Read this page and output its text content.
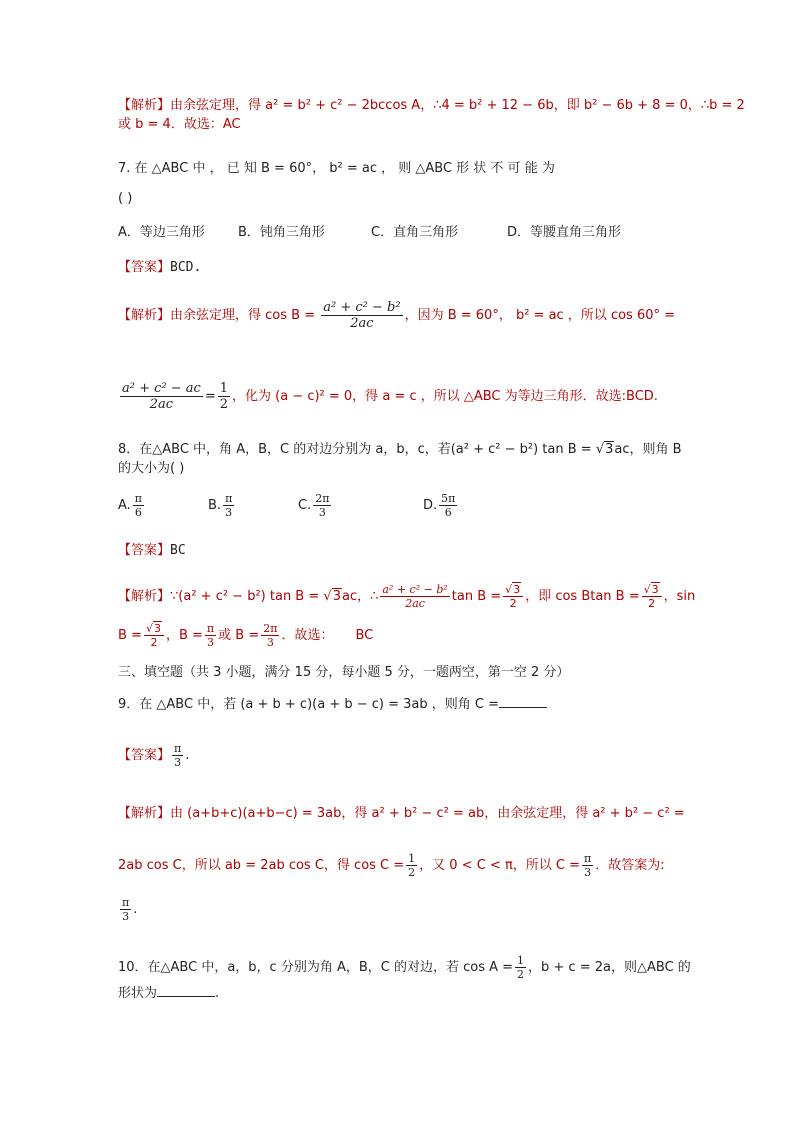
【解析】由余弦定理，得 a² = b² + c² − 2bccos A，∴4 = b² + 12 − 6b，即 b² − 6b + 8 = 0，∴b = 2
或 b = 4．故选：AC
7. 在 △ABC 中 ， 已 知 B = 60°， b² = ac ， 则 △ABC 形 状 不 可 能 为
( )
A．等边三角形	B．钝角三角形	C．直角三角形	D．等腰直角三角形
【答案】BCD.
【解析】由余弦定理，得 $\cos B = \frac{\text{a² + c² − b²}}{2ac}$ ，因为 B = 60°， b² = ac ，所以 cos 60° =
$\frac{\text{a² + c² − ac}}{2ac} = \frac{1}{2}$ ，化为 (a − c)² = 0，得 a = c ，所以 △ABC 为等边三角形．故选:BCD.
8．在△ABC 中，角 A，B，C 的对边分别为 a，b，c，若(a² + c² − b²) tan B = √3ac，则角 B
的大小为( )
A. $\frac{\pi}{6}$	B. $\frac{\pi}{3}$	C. $\frac{2\pi}{3}$	D. $\frac{5\pi}{6}$
【答案】BC
【解析】∵(a² + c² − b²) tan B = √3ac，∴ $\frac{\text{a² + c² − b²}}{2ac}$ $\tan B = \frac{√3}{2}$ ，即 cos Btan $B = \frac{√3}{2}$ ，sin
$B = \frac{√3}{2}$ ，$B = \frac{\pi}{3}$ 或 $B = \frac{2\pi}{3}$ ．故选： BC
三、填空题（共 3 小题，满分 15 分，每小题 5 分，一题两空，第一空 2 分）
9．在 △ABC 中，若 (a + b + c)(a + b − c) = 3ab ，则角 C =
【答案】 $\frac{\pi}{3}$ .
【解析】由 (a+b+c)(a+b−c) = 3ab，得 a² + b² − c² = ab，由余弦定理，得 a² + b² − c² =
2ab cos C，所以 ab = 2ab cos C，得 $\cos C = \frac{1}{2}$ ，又 0 < C < π，所以 $C = \frac{\pi}{3}$ ．故答案为:
$\frac{\pi}{3}$ .
10．在△ABC 中，a，b，c 分别为角 A，B，C 的对边，若 $\cos A = \frac{1}{2}$ ，b + c = 2a，则△ABC 的
形状为	.
